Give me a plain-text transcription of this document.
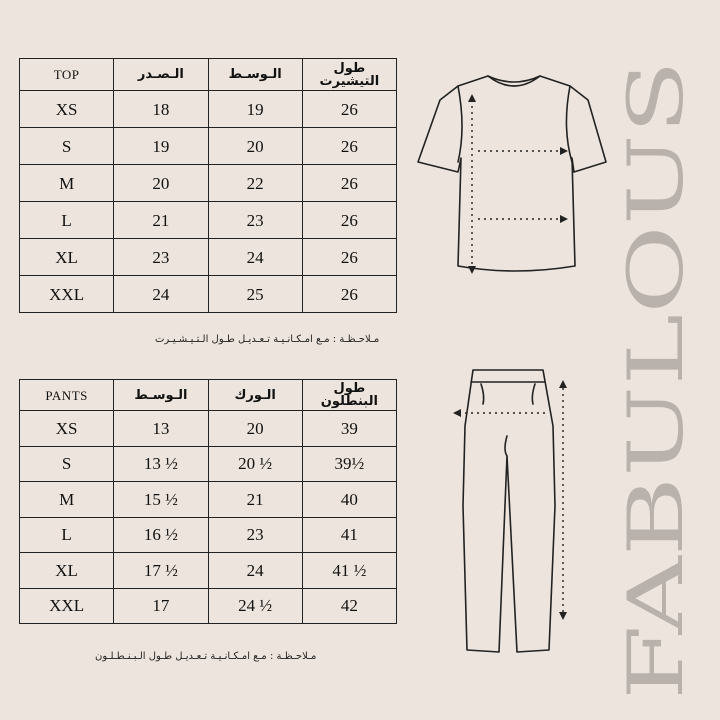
TOP	الـصـدر	الـوسـط	طول التيشيرت
XS	18	19	26
S	19	20	26
M	20	22	26
L	21	23	26
XL	23	24	26
XXL	24	25	26
مـلاحـظـة : مـع امـكـانـيـة تـعـديـل طـول الـتـيـشـيـرت
PANTS	الـوسـط	الـورك	طول البنطلون
XS	13	20	39
S	13 ½	20 ½	39½
M	15 ½	21	40
L	16 ½	23	41
XL	17 ½	24	41 ½
XXL	17	24 ½	42
مـلاحـظـة : مـع امـكـانـيـة تـعـديـل طـول الـبـنـطـلـون	FABULOUS
